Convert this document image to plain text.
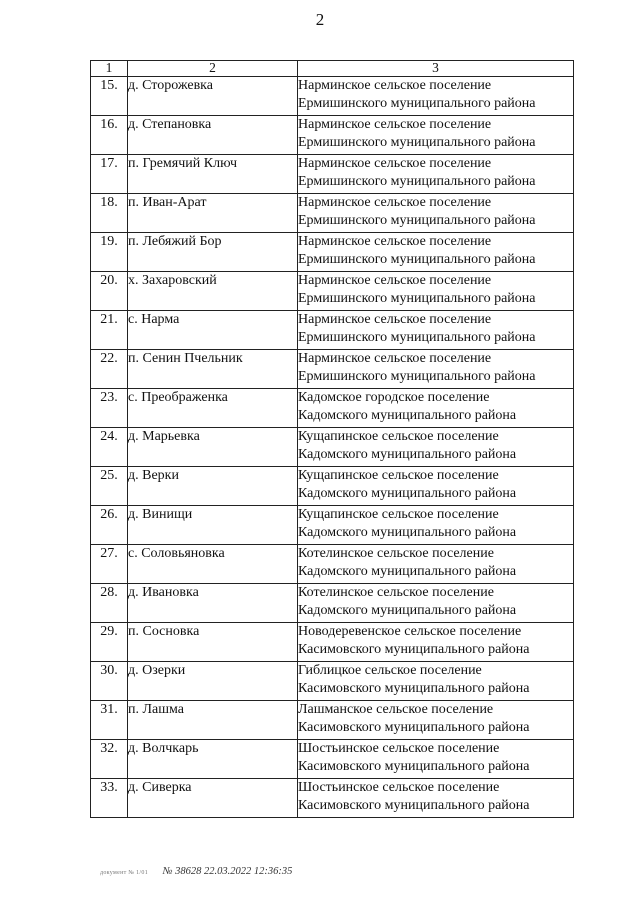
2
1	2	3
15.	д. Сторожевка	Нарминское сельское поселение
Ермишинского муниципального района

16.	д. Степановка	Нарминское сельское поселение
Ермишинского муниципального района

17.	п. Гремячий Ключ	Нарминское сельское поселение
Ермишинского муниципального района

18.	п. Иван-Арат	Нарминское сельское поселение
Ермишинского муниципального района

19.	п. Лебяжий Бор	Нарминское сельское поселение
Ермишинского муниципального района

20.	х. Захаровский	Нарминское сельское поселение
Ермишинского муниципального района

21.	с. Нарма	Нарминское сельское поселение
Ермишинского муниципального района

22.	п. Сенин Пчельник	Нарминское сельское поселение
Ермишинского муниципального района

23.	с. Преображенка	Кадомское городское поселение
Кадомского муниципального района

24.	д. Марьевка	Кущапинское сельское поселение
Кадомского муниципального района

25.	д. Верки	Кущапинское сельское поселение
Кадомского муниципального района

26.	д. Винищи	Кущапинское сельское поселение
Кадомского муниципального района

27.	с. Соловьяновка	Котелинское сельское поселение
Кадомского муниципального района

28.	д. Ивановка	Котелинское сельское поселение
Кадомского муниципального района

29.	п. Сосновка	Новодеревенское сельское поселение
Касимовского муниципального района

30.	д. Озерки	Гиблицкое сельское поселение
Касимовского муниципального района

31.	п. Лашма	Лашманское сельское поселение
Касимовского муниципального района

32.	д. Волчкарь	Шостьинское сельское поселение
Касимовского муниципального района

33.	д. Сиверка	Шостьинское сельское поселение
Касимовского муниципального района
документ № 1/01 № 38628 22.03.2022 12:36:35
